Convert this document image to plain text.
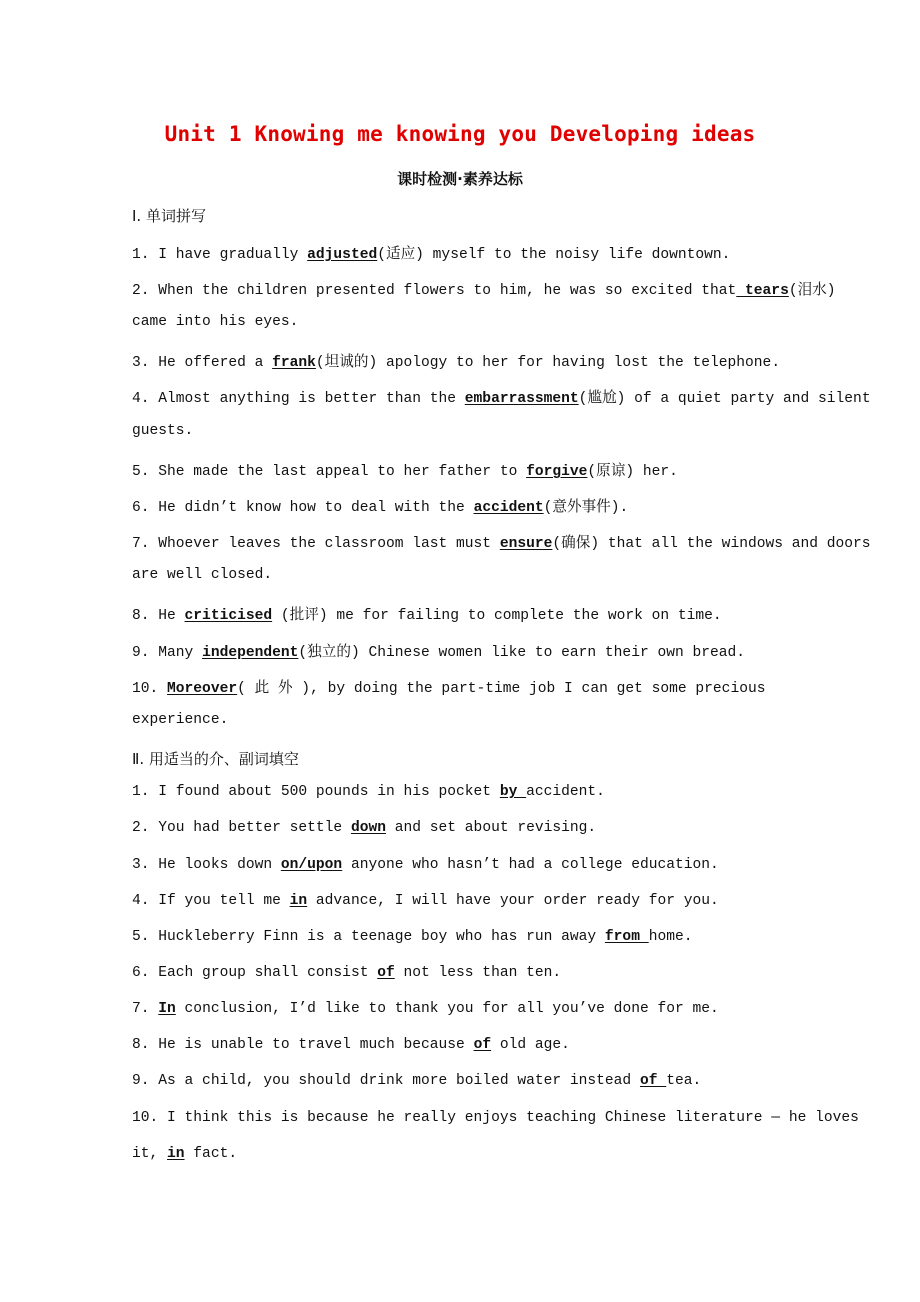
Unit 1 Knowing me knowing you Developing ideas
课时检测·素养达标
Ⅰ. 单词拼写
1. I have gradually adjusted(适应) myself to the noisy life downtown.
2. When the children presented flowers to him, he was so excited that tears(泪水)
came into his eyes.
3. He offered a frank(坦诚的) apology to her for having lost the telephone.
4. Almost anything is better than the embarrassment(尴尬) of a quiet party and silent
guests.
5. She made the last appeal to her father to forgive(原谅) her.
6. He didn’t know how to deal with the accident(意外事件).
7. Whoever leaves the classroom last must ensure(确保) that all the windows and doors
are well closed.
8. He criticised (批评) me for failing to complete the work on time.
9. Many independent(独立的) Chinese women like to earn their own bread.
10. Moreover( 此 外 ), by doing the part-time job I can get some precious
experience.
Ⅱ. 用适当的介、副词填空
1. I found about 500 pounds in his pocket by accident.
2. You had better settle down and set about revising.
3. He looks down on/upon anyone who hasn’t had a college education.
4. If you tell me in advance, I will have your order ready for you.
5. Huckleberry Finn is a teenage boy who has run away from home.
6. Each group shall consist of not less than ten.
7. In conclusion, I’d like to thank you for all you’ve done for me.
8. He is unable to travel much because of old age.
9. As a child, you should drink more boiled water instead of tea.
10. I think this is because he really enjoys teaching Chinese literature — he loves
it, in fact.
